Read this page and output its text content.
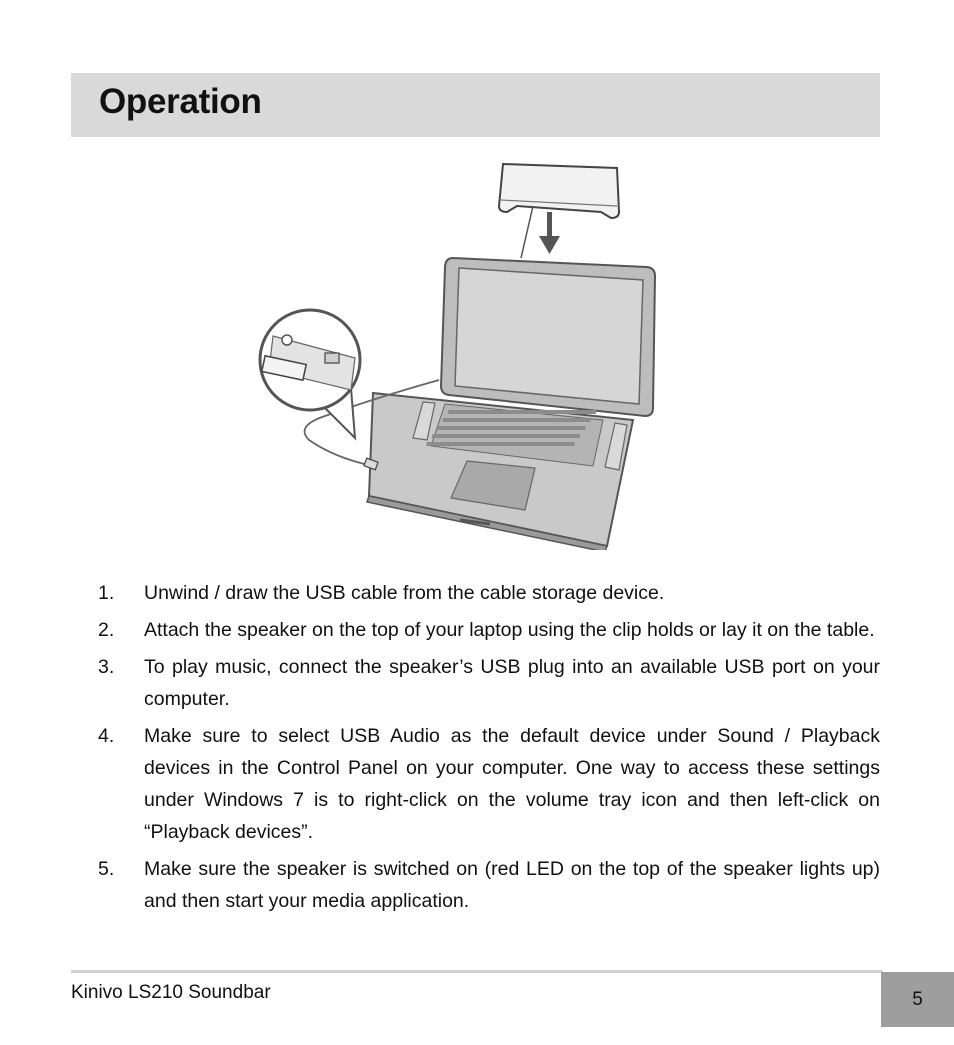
Operation
1. Unwind / draw the USB cable from the cable storage device.
2. Attach the speaker on the top of your laptop using the clip holds or lay it on the table.
3. To play music, connect the speaker’s USB plug into an available USB port on your computer.
4. Make sure to select USB Audio as the default device under Sound / Playback devices in the Control Panel on your computer. One way to access these settings under Windows 7 is to right-click on the volume tray icon and then left-click on “Playback devices”.
5. Make sure the speaker is switched on (red LED on the top of the speaker lights up) and then start your media application.
Kinivo LS210 Soundbar	5
